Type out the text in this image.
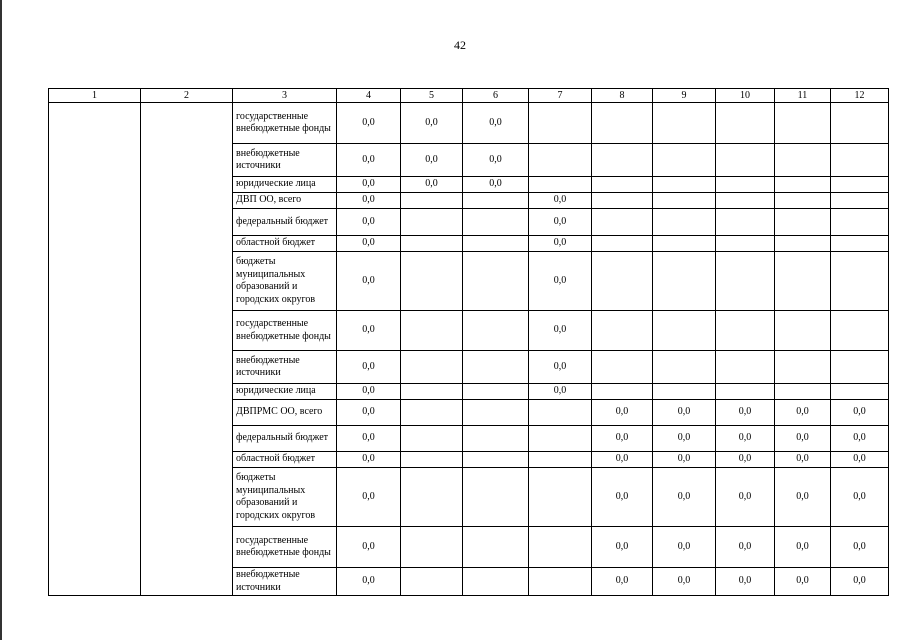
42
1	2	3	4	5	6	7	8	9	10	11	12
		государственные внебюджетные фонды	0,0	0,0	0,0						
		внебюджетные источники	0,0	0,0	0,0						
		юридические лица	0,0	0,0	0,0						
		ДВП ОО, всего	0,0			0,0					
		федеральный бюджет	0,0			0,0					
		областной бюджет	0,0			0,0					
		бюджеты муниципальных образований и городских округов	0,0			0,0					
		государственные внебюджетные фонды	0,0			0,0					
		внебюджетные источники	0,0			0,0					
		юридические лица	0,0			0,0					
		ДВПРМС ОО, всего	0,0				0,0	0,0	0,0	0,0	0,0
		федеральный бюджет	0,0				0,0	0,0	0,0	0,0	0,0
		областной бюджет	0,0				0,0	0,0	0,0	0,0	0,0
		бюджеты муниципальных образований и городских округов	0,0				0,0	0,0	0,0	0,0	0,0
		государственные внебюджетные фонды	0,0				0,0	0,0	0,0	0,0	0,0
		внебюджетные источники	0,0				0,0	0,0	0,0	0,0	0,0
